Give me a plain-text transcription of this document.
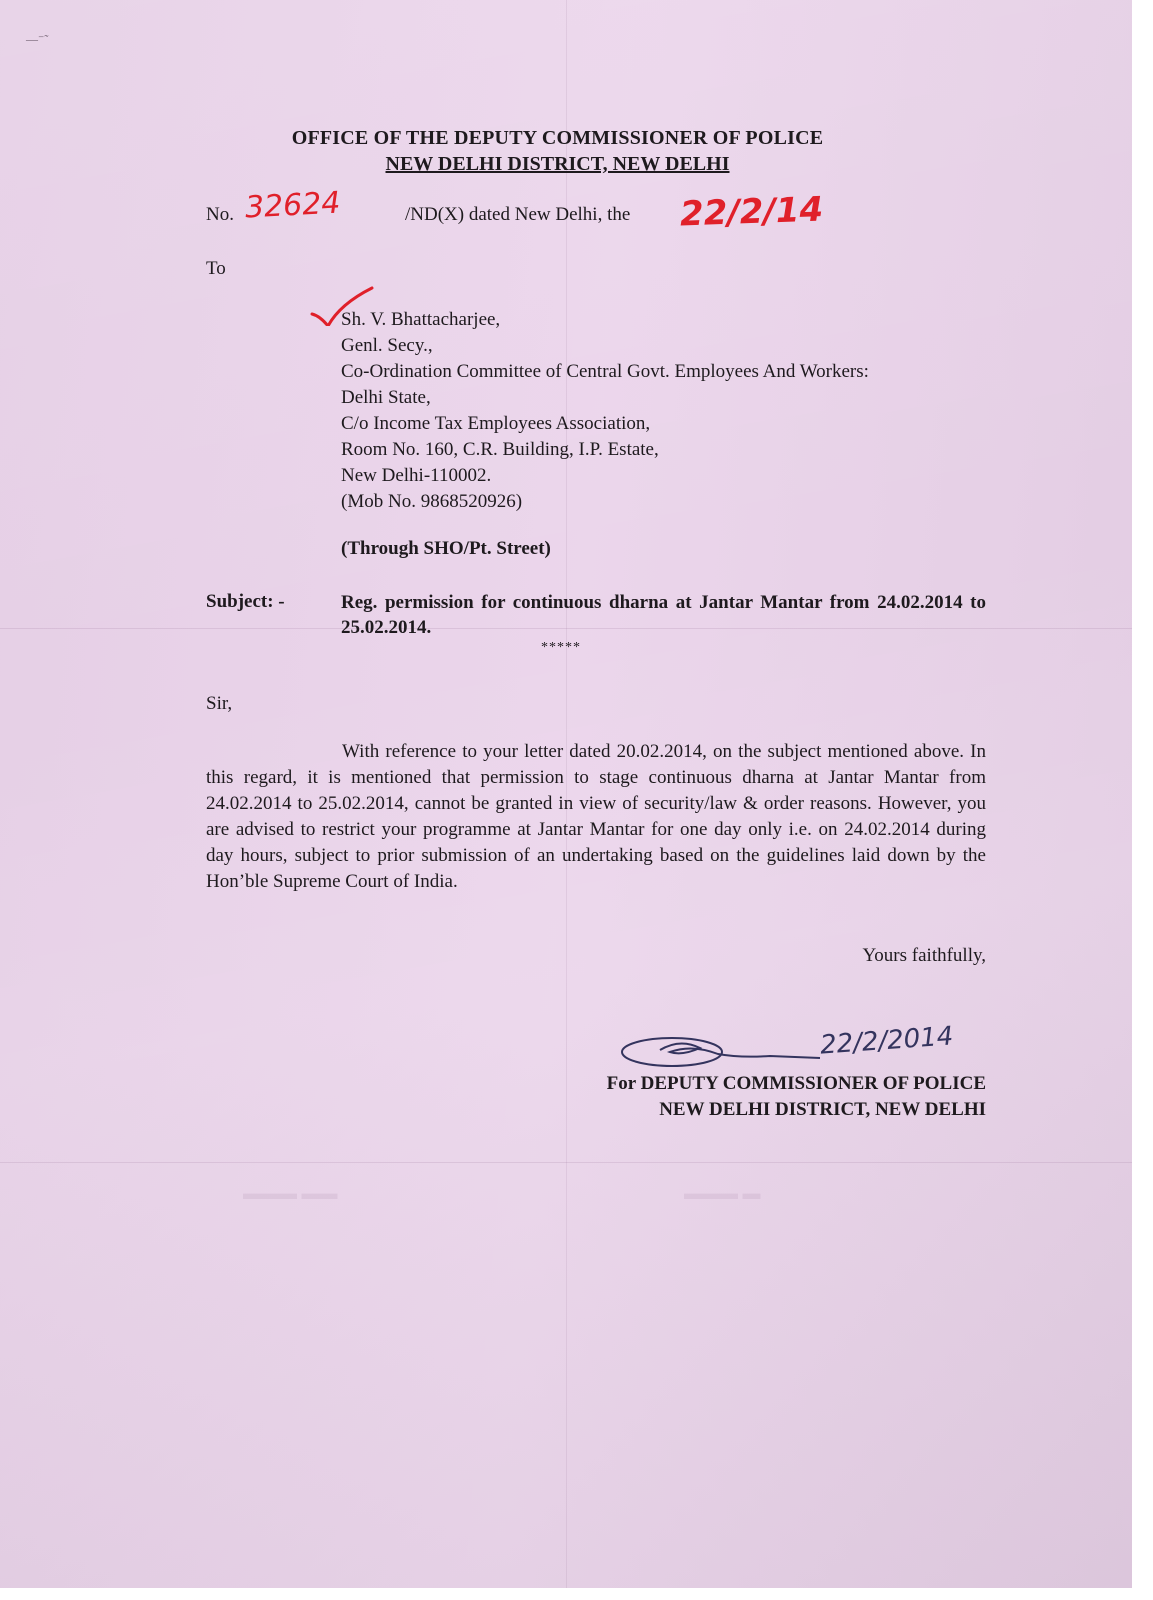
—⁻˜
OFFICE OF THE DEPUTY COMMISSIONER OF POLICE
NEW DELHI DISTRICT, NEW DELHI
No. 32624	/ND(X) dated New Delhi, the 22/2/14
To
Sh. V. Bhattacharjee,
Genl. Secy.,
Co-Ordination Committee of Central Govt. Employees And Workers:
Delhi State,
C/o Income Tax Employees Association,
Room No. 160, C.R. Building, I.P. Estate,
New Delhi-110002.
(Mob No. 9868520926)
(Through SHO/Pt. Street)
Subject: -	Reg. permission for continuous dharna at Jantar Mantar from 24.02.2014 to 25.02.2014.
*****
Sir,
With reference to your letter dated 20.02.2014, on the subject mentioned above. In this regard, it is mentioned that permission to stage continuous dharna at Jantar Mantar from 24.02.2014 to 25.02.2014, cannot be granted in view of security/law & order reasons. However, you are advised to restrict your programme at Jantar Mantar for one day only i.e. on 24.02.2014 during day hours, subject to prior submission of an undertaking based on the guidelines laid down by the Hon’ble Supreme Court of India.
Yours faithfully,
22/2/2014
For DEPUTY COMMISSIONER OF POLICE
NEW DELHI DISTRICT, NEW DELHI
▬▬▬ ▬▬	▬▬▬ ▬
